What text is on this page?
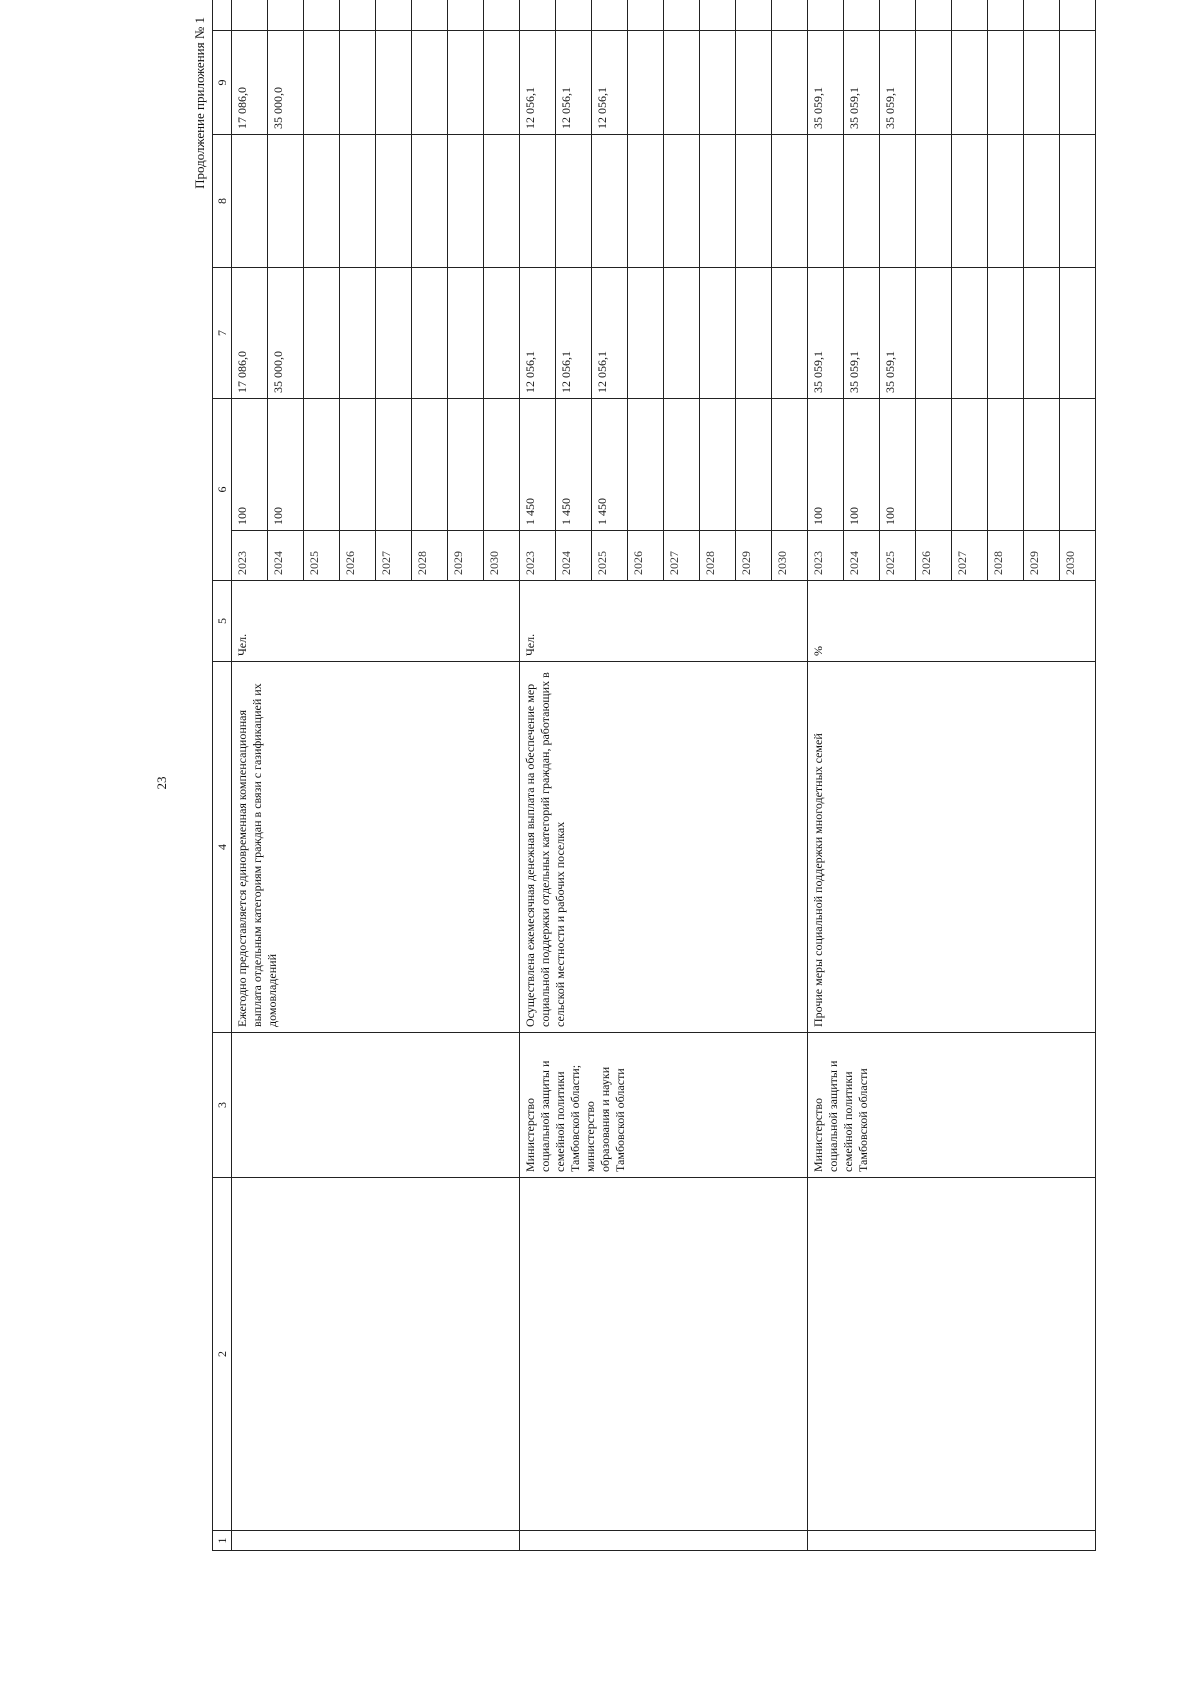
23
Продолжение приложения № 1
1	2	3	4	5	6		7	8	9		
			Ежегодно предоставляется единовременная компенсационная выплата отдельным категориям граждан в связи с газификацией их домовладений	Чел.	2023	100	17 086,0		17 086,0		
					2024	100	35 000,0		35 000,0		
					2025						
					2026						
					2027						
					2028						
					2029						
					2030						
		Министерство социальной защиты и семейной политики Тамбовской области; министерство образования и науки Тамбовской области	Осуществлена ежемесячная денежная выплата на обеспечение мер социальной поддержки отдельных категорий граждан, работающих в сельской местности и рабочих поселках	Чел.	2023	1 450	12 056,1		12 056,1		
					2024	1 450	12 056,1		12 056,1		
					2025	1 450	12 056,1		12 056,1		
					2026						
					2027						
					2028						
					2029						
					2030						
		Министерство социальной защиты и семейной политики Тамбовской области	Прочие меры социальной поддержки многодетных семей	%	2023	100	35 059,1		35 059,1		
					2024	100	35 059,1		35 059,1		
					2025	100	35 059,1		35 059,1		
					2026						
					2027						
					2028						
					2029						
					2030						
